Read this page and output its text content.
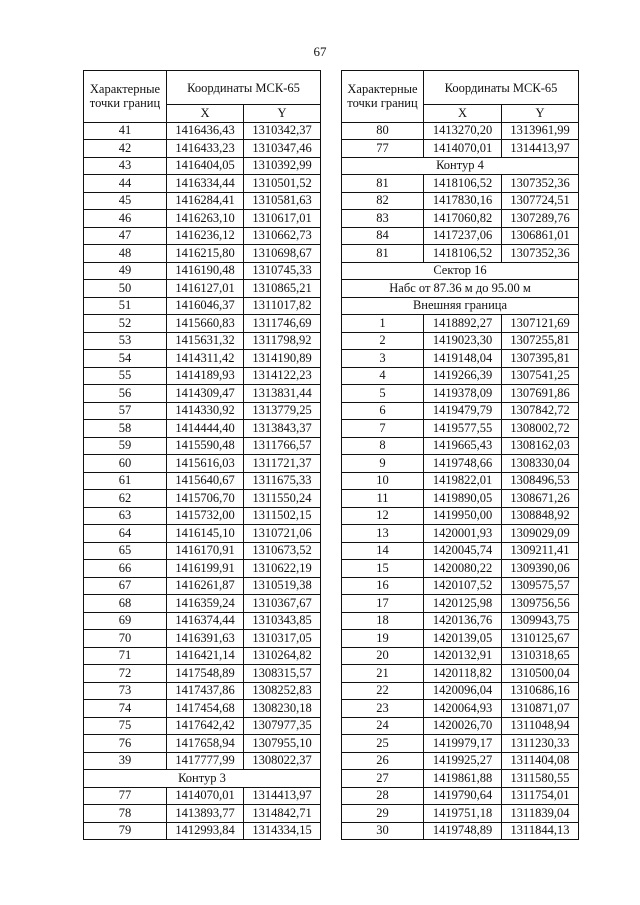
67
Характерные точки границ	Координаты МСК-65	
	X	Y
41	1416436,43	1310342,37
42	1416433,23	1310347,46
43	1416404,05	1310392,99
44	1416334,44	1310501,52
45	1416284,41	1310581,63
46	1416263,10	1310617,01
47	1416236,12	1310662,73
48	1416215,80	1310698,67
49	1416190,48	1310745,33
50	1416127,01	1310865,21
51	1416046,37	1311017,82
52	1415660,83	1311746,69
53	1415631,32	1311798,92
54	1414311,42	1314190,89
55	1414189,93	1314122,23
56	1414309,47	1313831,44
57	1414330,92	1313779,25
58	1414444,40	1313843,37
59	1415590,48	1311766,57
60	1415616,03	1311721,37
61	1415640,67	1311675,33
62	1415706,70	1311550,24
63	1415732,00	1311502,15
64	1416145,10	1310721,06
65	1416170,91	1310673,52
66	1416199,91	1310622,19
67	1416261,87	1310519,38
68	1416359,24	1310367,67
69	1416374,44	1310343,85
70	1416391,63	1310317,05
71	1416421,14	1310264,82
72	1417548,89	1308315,57
73	1417437,86	1308252,83
74	1417454,68	1308230,18
75	1417642,42	1307977,35
76	1417658,94	1307955,10
39	1417777,99	1308022,37
Контур 3		
77	1414070,01	1314413,97
78	1413893,77	1314842,71
79	1412993,84	1314334,15
Характерные точки границ	Координаты МСК-65	
	X	Y
80	1413270,20	1313961,99
77	1414070,01	1314413,97
Контур 4		
81	1418106,52	1307352,36
82	1417830,16	1307724,51
83	1417060,82	1307289,76
84	1417237,06	1306861,01
81	1418106,52	1307352,36
Сектор 16		
Набс от 87.36 м до 95.00 м		
Внешняя граница		
1	1418892,27	1307121,69
2	1419023,30	1307255,81
3	1419148,04	1307395,81
4	1419266,39	1307541,25
5	1419378,09	1307691,86
6	1419479,79	1307842,72
7	1419577,55	1308002,72
8	1419665,43	1308162,03
9	1419748,66	1308330,04
10	1419822,01	1308496,53
11	1419890,05	1308671,26
12	1419950,00	1308848,92
13	1420001,93	1309029,09
14	1420045,74	1309211,41
15	1420080,22	1309390,06
16	1420107,52	1309575,57
17	1420125,98	1309756,56
18	1420136,76	1309943,75
19	1420139,05	1310125,67
20	1420132,91	1310318,65
21	1420118,82	1310500,04
22	1420096,04	1310686,16
23	1420064,93	1310871,07
24	1420026,70	1311048,94
25	1419979,17	1311230,33
26	1419925,27	1311404,08
27	1419861,88	1311580,55
28	1419790,64	1311754,01
29	1419751,18	1311839,04
30	1419748,89	1311844,13
